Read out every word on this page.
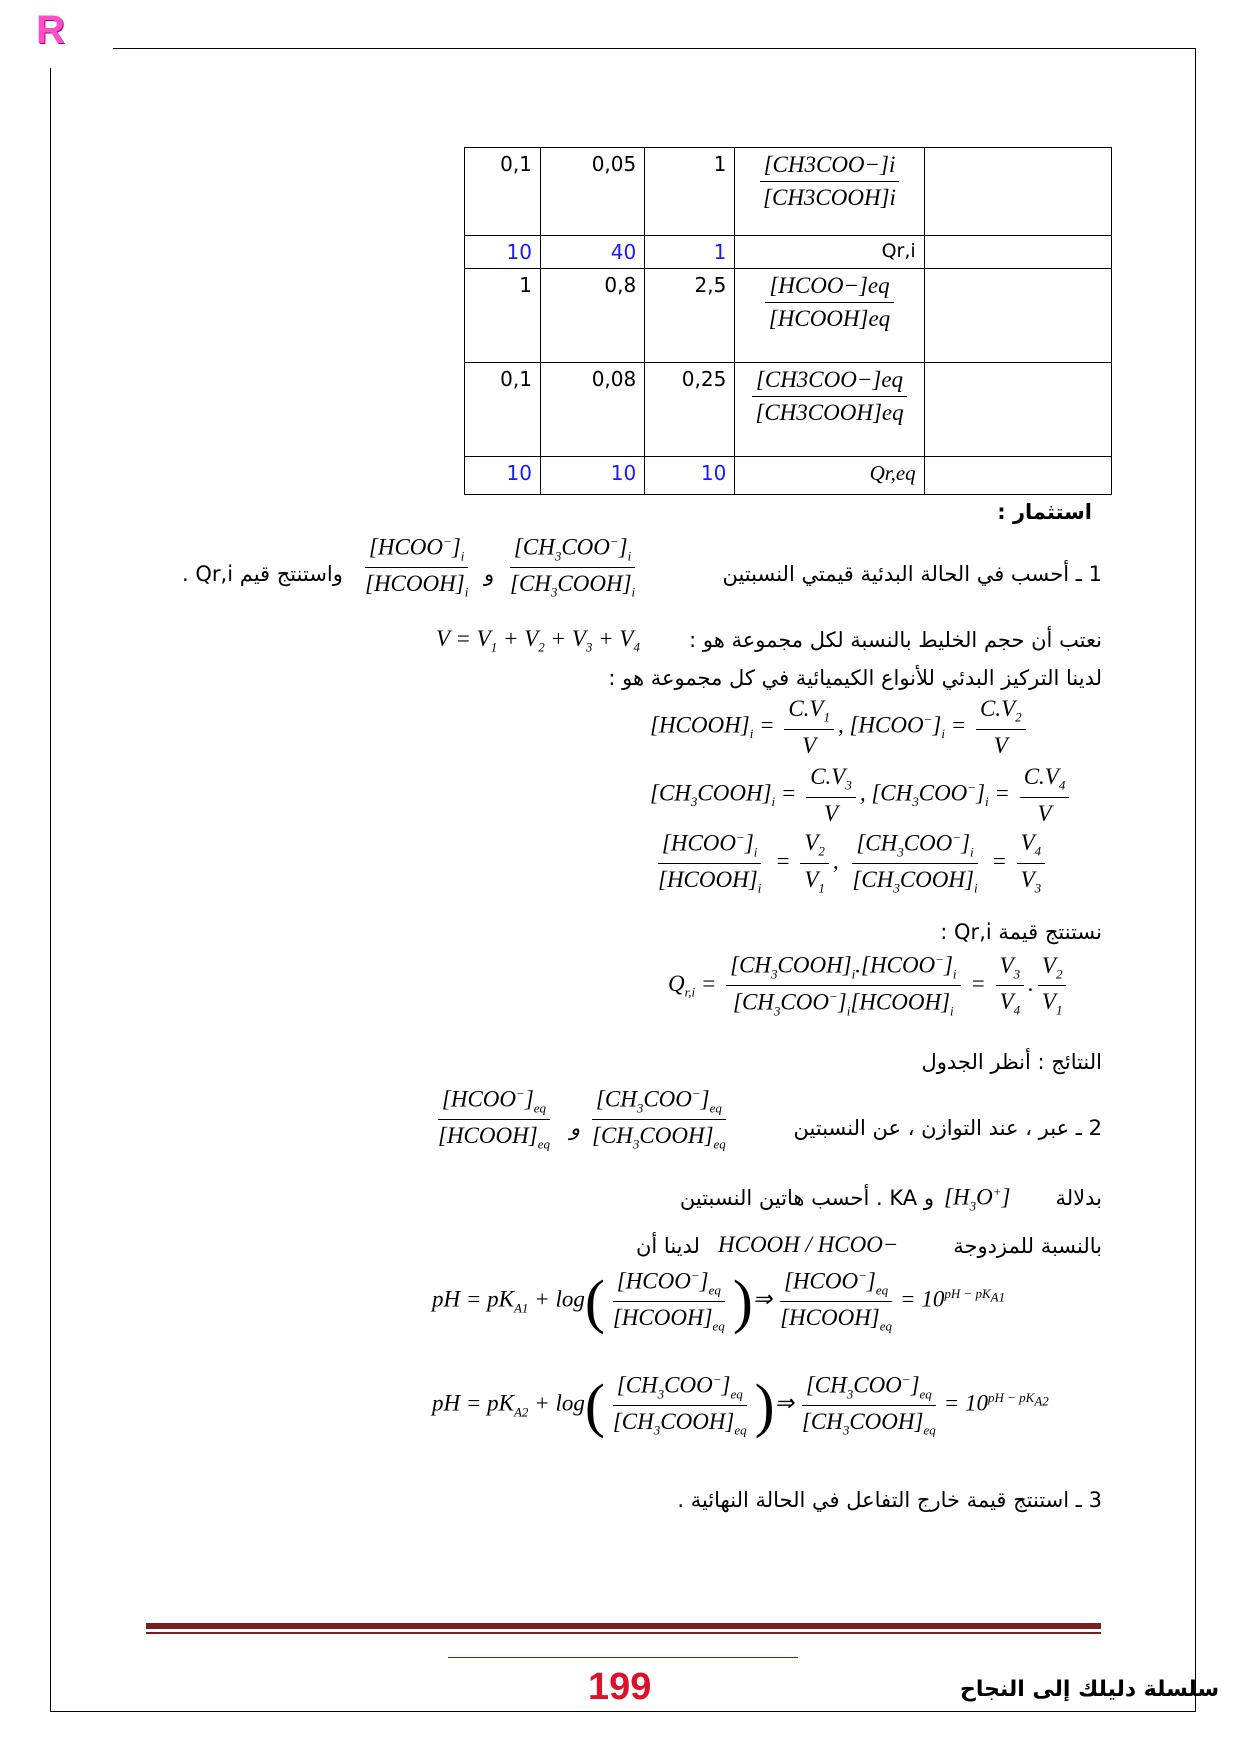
R
0,1	0,05	1	$\frac{\text{[CH3COO−]i}}{\text{[CH3COOH]i}}$

10	40	1	Qr,i	
1	0,8	2,5	$\frac{\text{[HCOO−]eq}}{\text{[HCOOH]eq}}$

0,1	0,08	0,25	$\frac{\text{[CH3COO−]eq}}{\text{[CH3COOH]eq}}$

10	10	10	Qr,eq	
استثمار :
1 ـ أحسب في الحالة البدئية قيمتي النسبتين
$\frac{[CH_3COO^-]_i}{[CH_3COOH]_i}$
و
$\frac{[HCOO^-]_i}{[HCOOH]_i}$
واستنتج قيم Qr,i .
نعتب أن حجم الخليط بالنسبة لكل مجموعة هو :
$V = V_1 + V_2 + V_3 + V_4$
لدينا التركيز البدئي للأنواع الكيميائية في كل مجموعة هو :
$[HCOOH]_i = \frac{C.V_1}{V}$ , $[HCOO^-]_i = \frac{C.V_2}{V}$
$[CH_3COOH]_i = \frac{C.V_3}{V}$ , $[CH_3COO^-]_i = \frac{C.V_4}{V}$
$\frac{[HCOO^-]_i}{[HCOOH]_i} = \frac{V_2}{V_1}$ , $\frac{[CH_3COO^-]_i}{[CH_3COOH]_i} = \frac{V_4}{V_3}$
نستنتج قيمة Qr,i :
$Q_{r,i} = \frac{[CH_3COOH]_i.[HCOO^-]_i}{[CH_3COO^-]_i[HCOOH]_i} = \frac{V_3}{V_4}$ . $\frac{V_2}{V_1}$
النتائج : أنظر الجدول
2 ـ عبر ، عند التوازن ، عن النسبتين
$\frac{[CH_3COO^-]_{eq}}{[CH_3COOH]_{eq}}$
و
$\frac{[HCOO^-]_{eq}}{[HCOOH]_{eq}}$
بدلالة
$[H_3O^+]$
و KA . أحسب هاتين النسبتين
بالنسبة للمزدوجة
HCOOH / HCOO−
لدينا أن
pH = $pK_{A1} + \log( \frac{[HCOO^-]_{eq}}{[HCOOH]_{eq}}$ )⇒ $\frac{[HCOO^-]_{eq}}{[HCOOH]_{eq}} = 10^{pH - pK_{A1}}$
pH = $pK_{A2} + \log( \frac{[CH_3COO^-]_{eq}}{[CH_3COOH]_{eq}}$ )⇒ $\frac{[CH_3COO^-]_{eq}}{[CH_3COOH]_{eq}} = 10^{pH - pK_{A2}}$
3 ـ استنتج قيمة خارج التفاعل في الحالة النهائية .
199	سلسلة دليلك إلى النجاح
